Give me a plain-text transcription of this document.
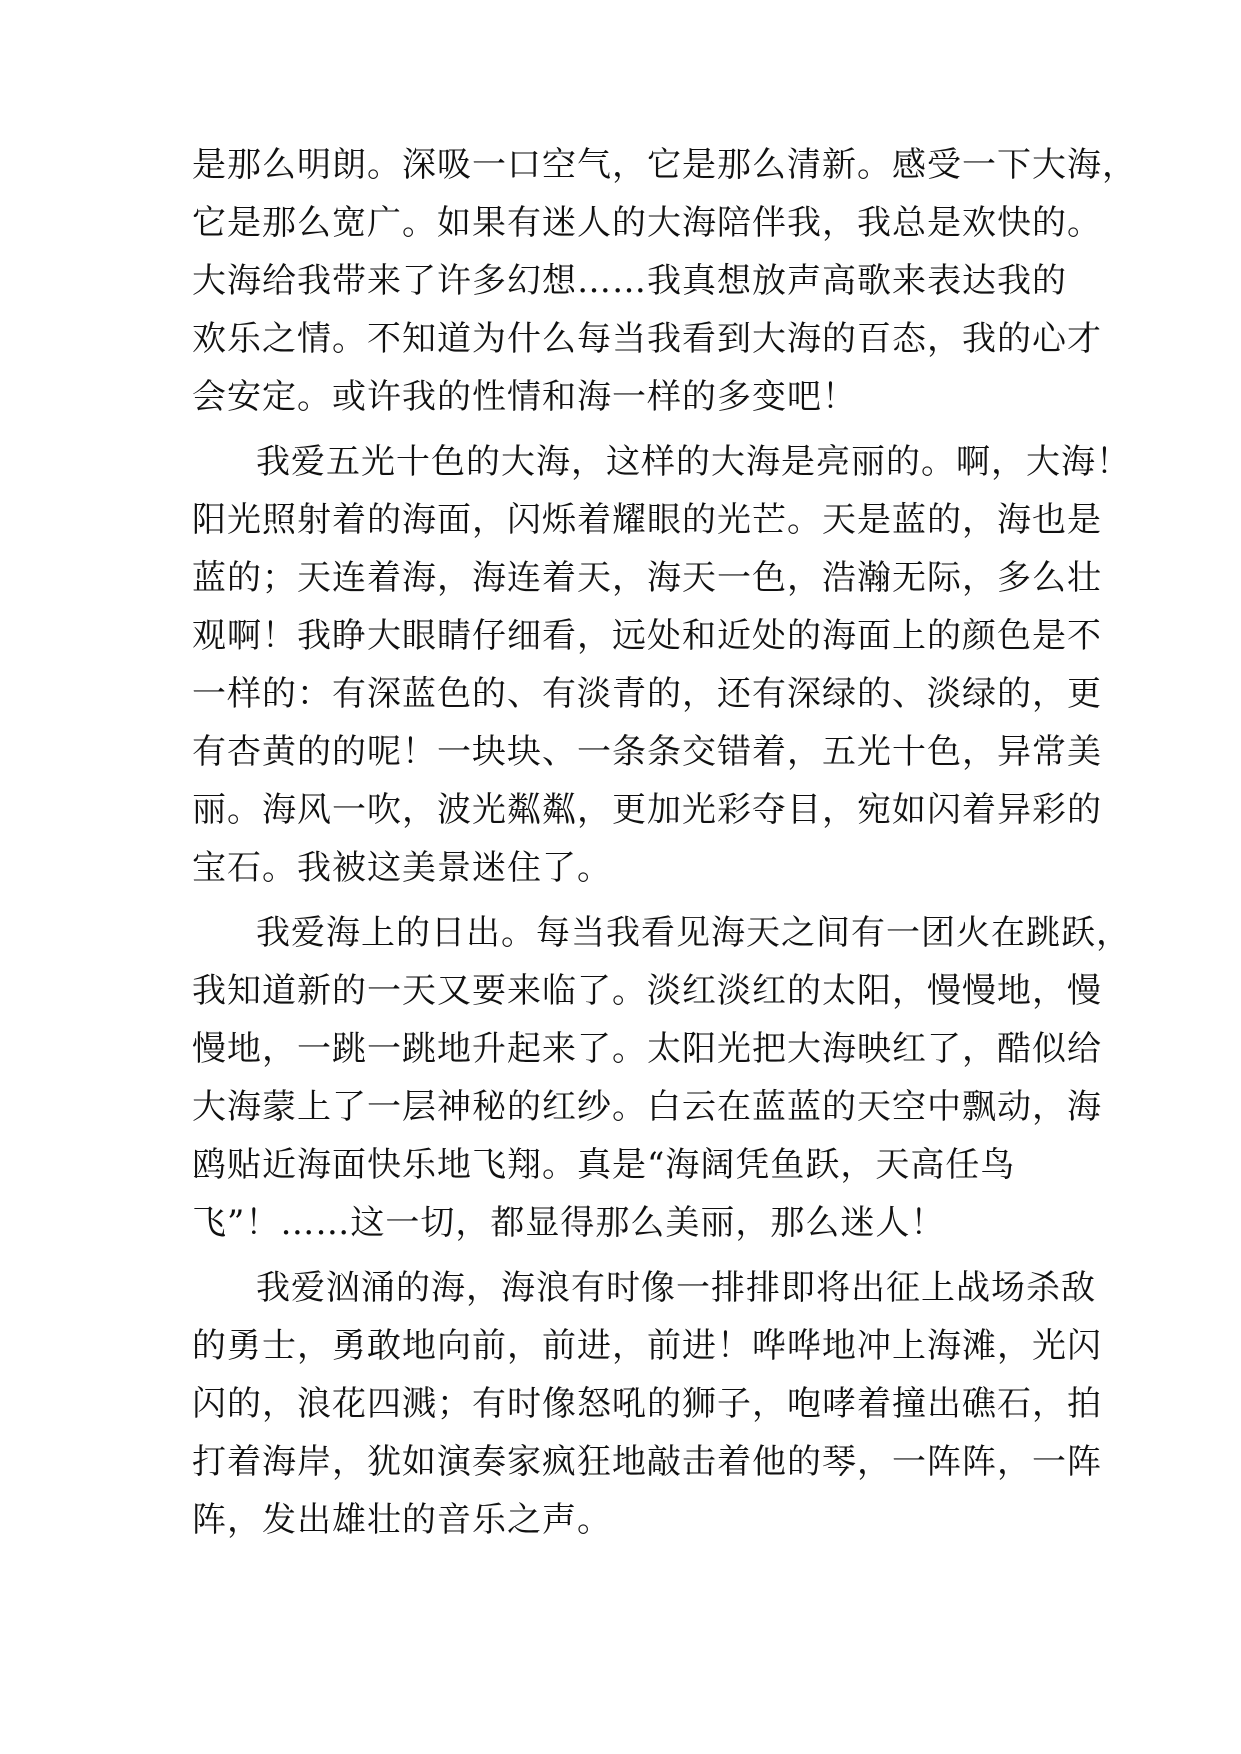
是那么明朗。深吸一口空气，它是那么清新。感受一下大海，
它是那么宽广。如果有迷人的大海陪伴我，我总是欢快的。
大海给我带来了许多幻想……我真想放声高歌来表达我的
欢乐之情。不知道为什么每当我看到大海的百态，我的心才
会安定。或许我的性情和海一样的多变吧！
我爱五光十色的大海，这样的大海是亮丽的。啊，大海！
阳光照射着的海面，闪烁着耀眼的光芒。天是蓝的，海也是
蓝的；天连着海，海连着天，海天一色，浩瀚无际，多么壮
观啊！我睁大眼睛仔细看，远处和近处的海面上的颜色是不
一样的：有深蓝色的、有淡青的，还有深绿的、淡绿的，更
有杏黄的的呢！一块块、一条条交错着，五光十色，异常美
丽。海风一吹，波光粼粼，更加光彩夺目，宛如闪着异彩的
宝石。我被这美景迷住了。
我爱海上的日出。每当我看见海天之间有一团火在跳跃，
我知道新的一天又要来临了。淡红淡红的太阳，慢慢地，慢
慢地，一跳一跳地升起来了。太阳光把大海映红了，酷似给
大海蒙上了一层神秘的红纱。白云在蓝蓝的天空中飘动，海
鸥贴近海面快乐地飞翔。真是“海阔凭鱼跃，天高任鸟
飞”！……这一切，都显得那么美丽，那么迷人！
我爱汹涌的海，海浪有时像一排排即将出征上战场杀敌
的勇士，勇敢地向前，前进，前进！哗哗地冲上海滩，光闪
闪的，浪花四溅；有时像怒吼的狮子，咆哮着撞出礁石，拍
打着海岸，犹如演奏家疯狂地敲击着他的琴，一阵阵，一阵
阵，发出雄壮的音乐之声。
